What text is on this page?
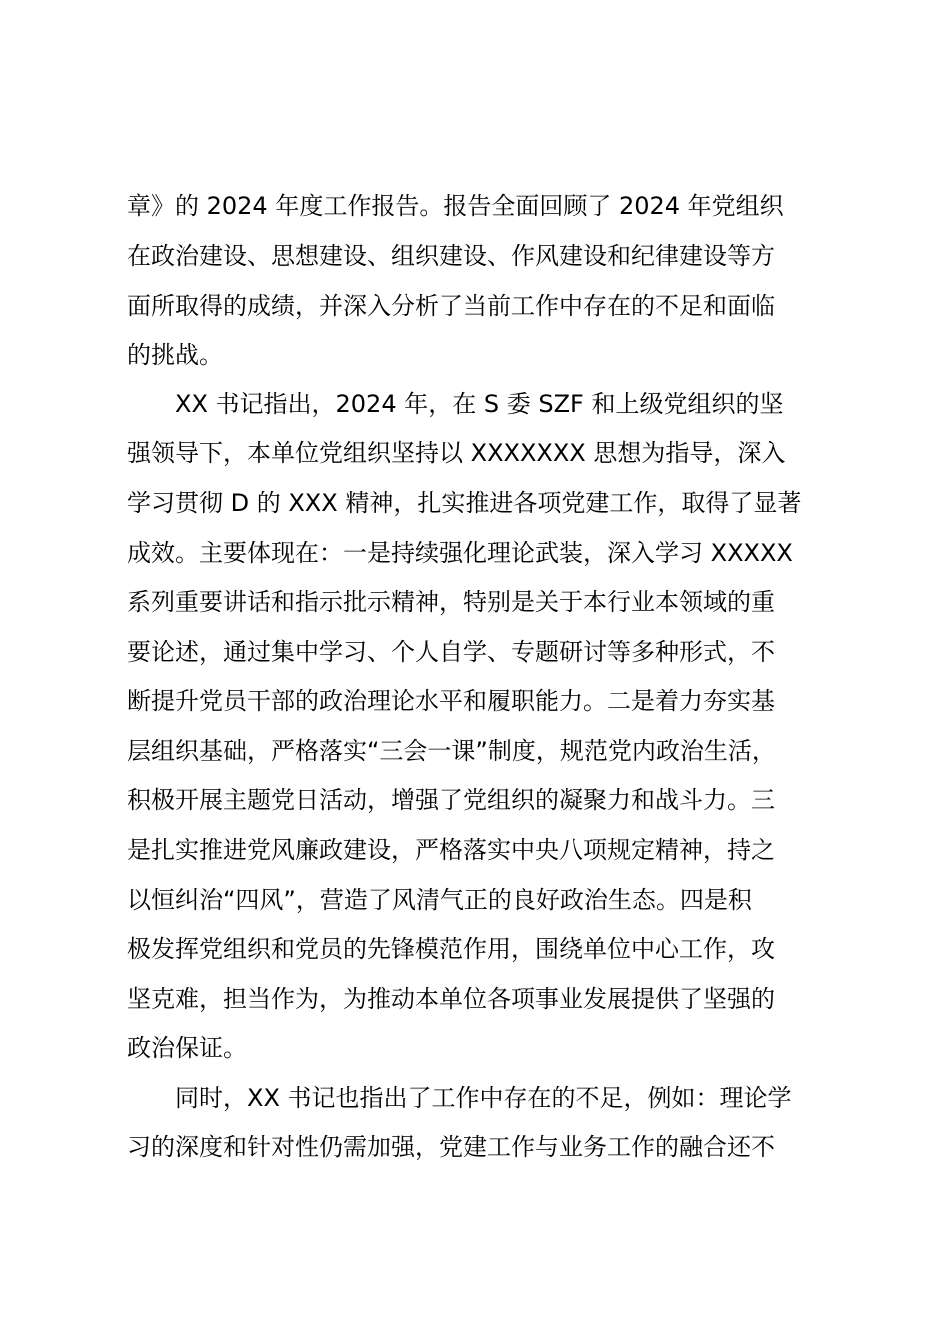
章》的 2024 年度工作报告。报告全面回顾了 2024 年党组织
在政治建设、思想建设、组织建设、作风建设和纪律建设等方
面所取得的成绩，并深入分析了当前工作中存在的不足和面临
的挑战。
XX 书记指出，2024 年，在 S 委 SZF 和上级党组织的坚
强领导下，本单位党组织坚持以 XXXXXXX 思想为指导，深入
学习贯彻 D 的 XXX 精神，扎实推进各项党建工作，取得了显著
成效。主要体现在：一是持续强化理论武装，深入学习 XXXXX
系列重要讲话和指示批示精神，特别是关于本行业本领域的重
要论述，通过集中学习、个人自学、专题研讨等多种形式，不
断提升党员干部的政治理论水平和履职能力。二是着力夯实基
层组织基础，严格落实“三会一课”制度，规范党内政治生活，
积极开展主题党日活动，增强了党组织的凝聚力和战斗力。三
是扎实推进党风廉政建设，严格落实中央八项规定精神，持之
以恒纠治“四风”，营造了风清气正的良好政治生态。四是积
极发挥党组织和党员的先锋模范作用，围绕单位中心工作，攻
坚克难，担当作为，为推动本单位各项事业发展提供了坚强的
政治保证。
同时，XX 书记也指出了工作中存在的不足，例如：理论学
习的深度和针对性仍需加强，党建工作与业务工作的融合还不
